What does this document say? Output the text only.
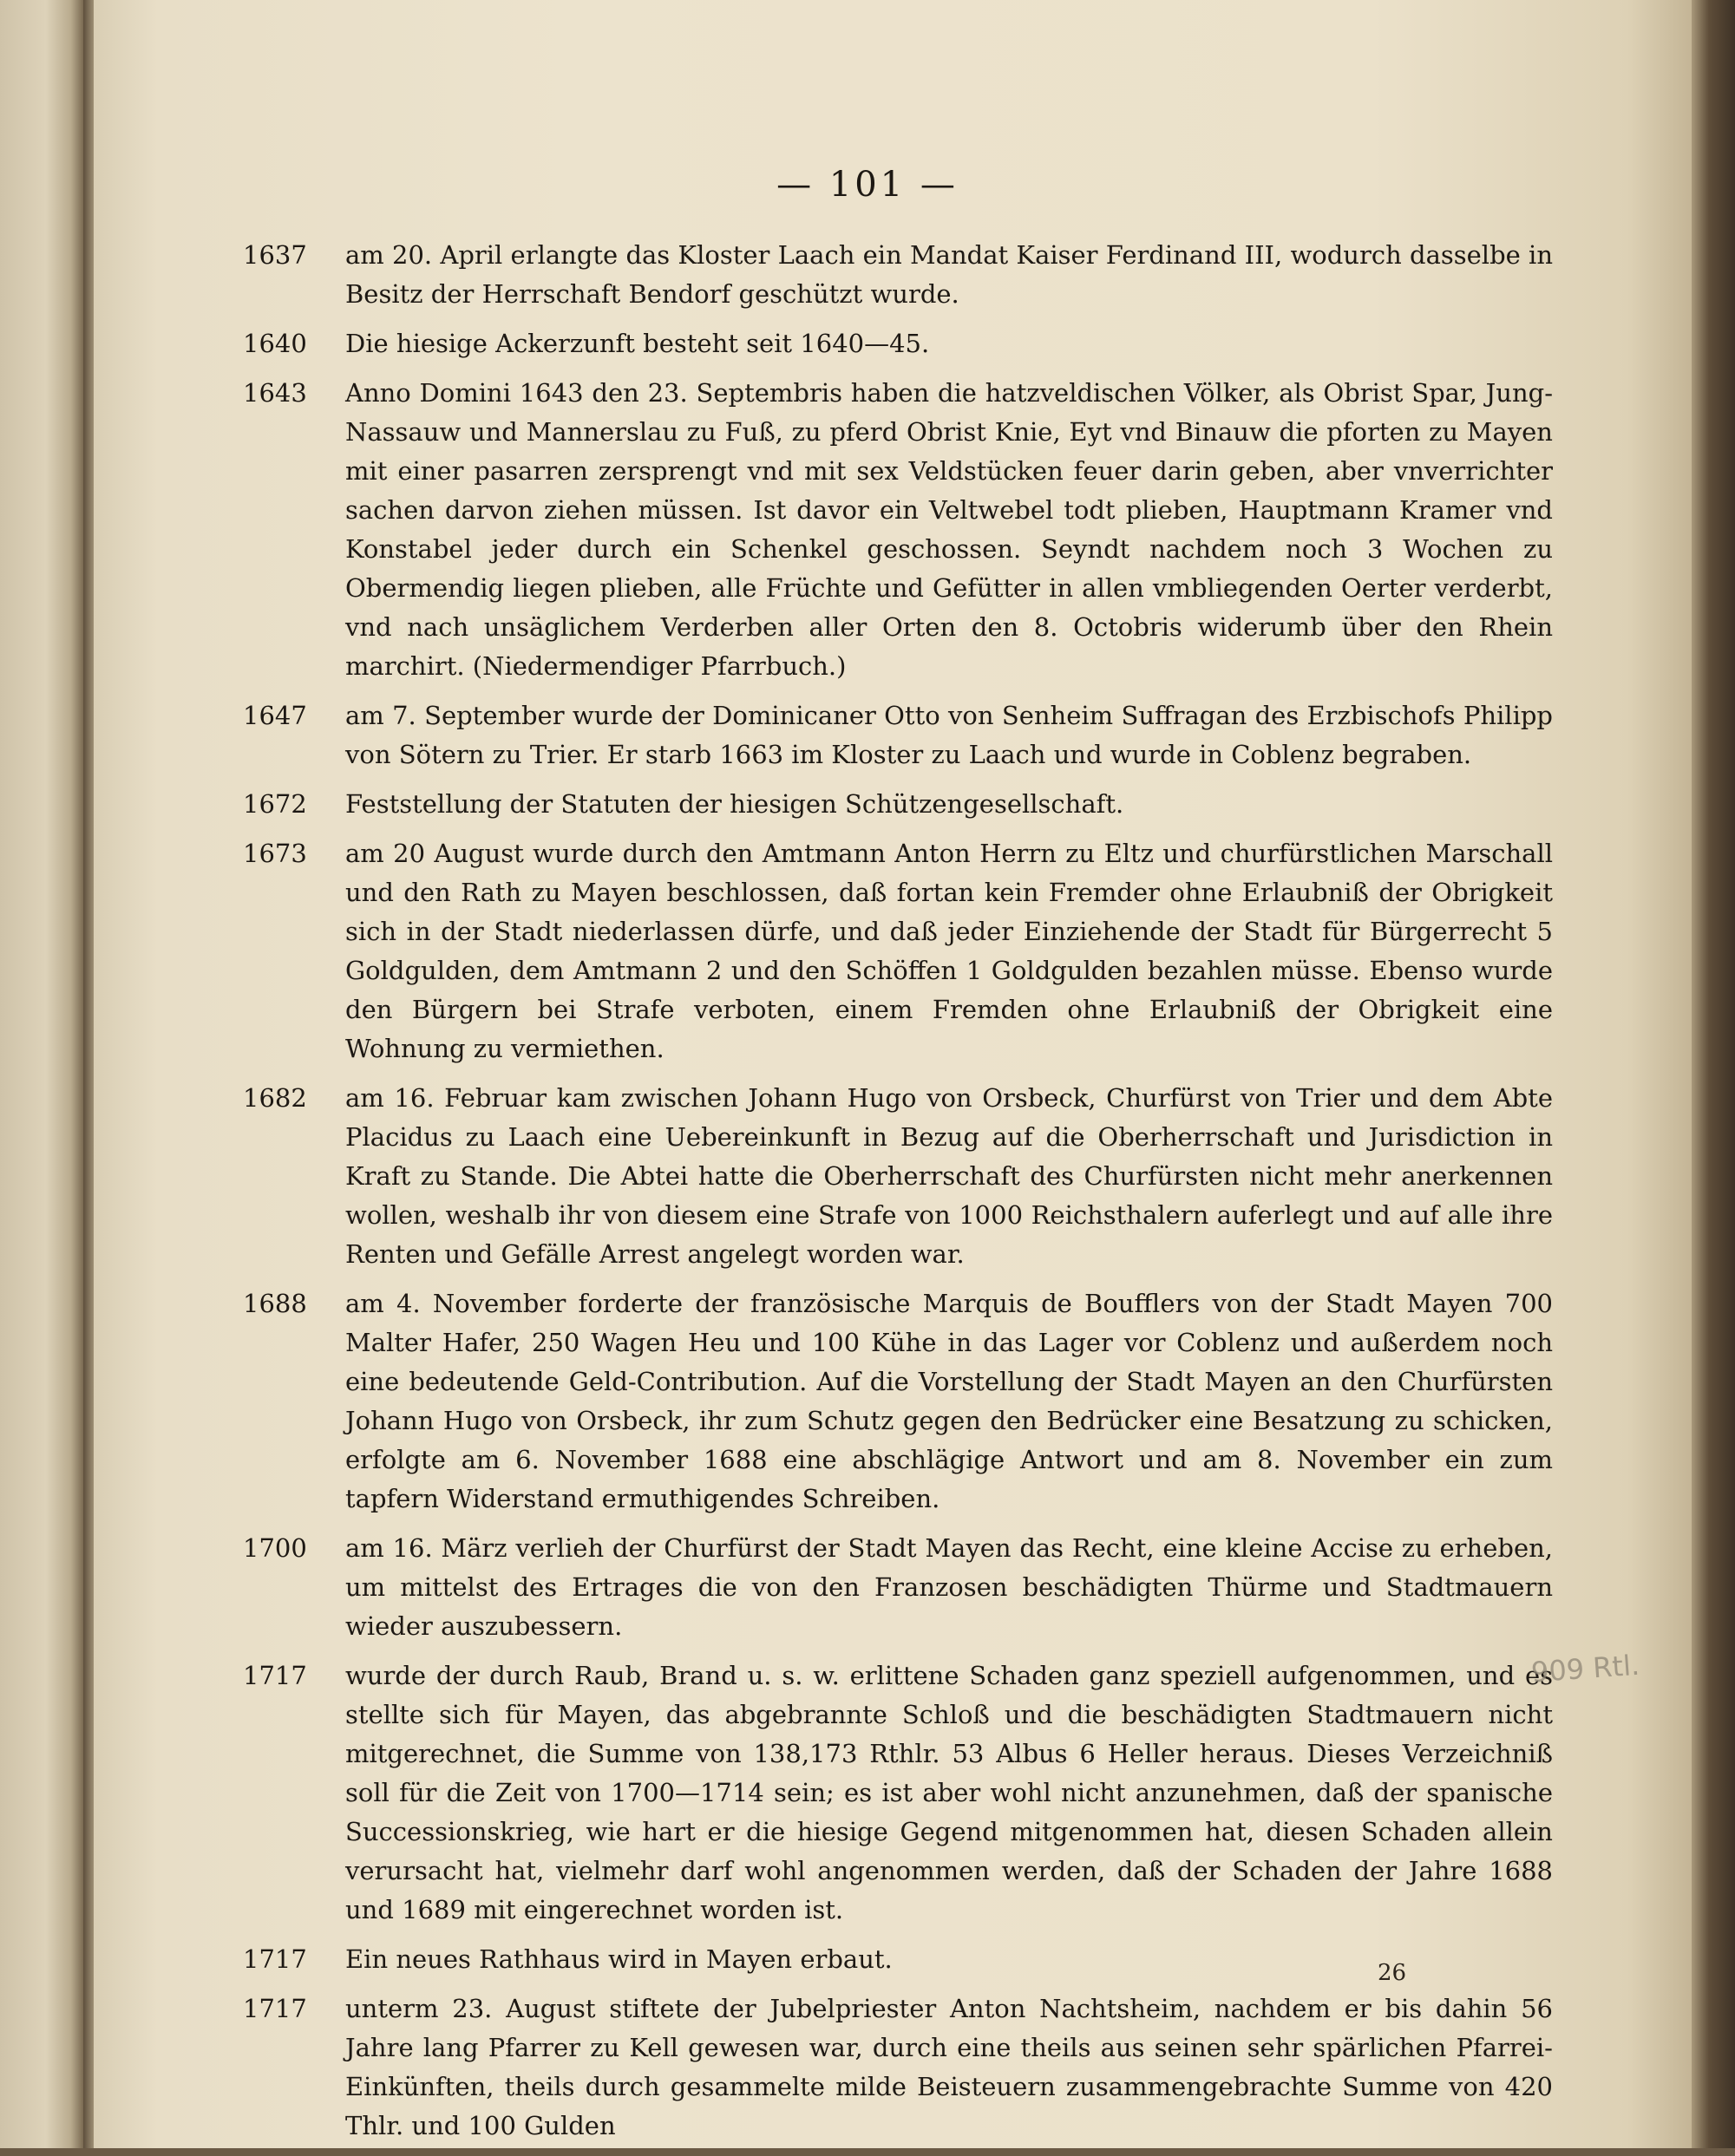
— 101 —
1637	am 20. April erlangte das Kloster Laach ein Mandat Kaiser Ferdinand III, wodurch dasselbe in Besitz der Herrschaft Bendorf geschützt wurde.
1640	Die hiesige Ackerzunft besteht seit 1640—45.
1643	Anno Domini 1643 den 23. Septembris haben die hatzveldischen Völker, als Obrist Spar, Jung-Nassauw und Mannerslau zu Fuß, zu pferd Obrist Knie, Eyt vnd Binauw die pforten zu Mayen mit einer pasarren zersprengt vnd mit sex Veldstücken feuer darin geben, aber vnverrichter sachen darvon ziehen müssen. Ist davor ein Veltwebel todt plieben, Hauptmann Kramer vnd Konstabel jeder durch ein Schenkel geschossen. Seyndt nachdem noch 3 Wochen zu Obermendig liegen plieben, alle Früchte und Gefütter in allen vmbliegenden Oerter verderbt, vnd nach unsäglichem Verderben aller Orten den 8. Octobris widerumb über den Rhein marchirt. (Niedermendiger Pfarrbuch.)
1647	am 7. September wurde der Dominicaner Otto von Senheim Suffragan des Erzbischofs Philipp von Sötern zu Trier. Er starb 1663 im Kloster zu Laach und wurde in Coblenz begraben.
1672	Feststellung der Statuten der hiesigen Schützengesellschaft.
1673	am 20 August wurde durch den Amtmann Anton Herrn zu Eltz und churfürstlichen Marschall und den Rath zu Mayen beschlossen, daß fortan kein Fremder ohne Erlaubniß der Obrigkeit sich in der Stadt niederlassen dürfe, und daß jeder Einziehende der Stadt für Bürgerrecht 5 Goldgulden, dem Amtmann 2 und den Schöffen 1 Goldgulden bezahlen müsse. Ebenso wurde den Bürgern bei Strafe verboten, einem Fremden ohne Erlaubniß der Obrigkeit eine Wohnung zu vermiethen.
1682	am 16. Februar kam zwischen Johann Hugo von Orsbeck, Churfürst von Trier und dem Abte Placidus zu Laach eine Uebereinkunft in Bezug auf die Oberherrschaft und Jurisdiction in Kraft zu Stande. Die Abtei hatte die Oberherrschaft des Churfürsten nicht mehr anerkennen wollen, weshalb ihr von diesem eine Strafe von 1000 Reichsthalern auferlegt und auf alle ihre Renten und Gefälle Arrest angelegt worden war.
1688	am 4. November forderte der französische Marquis de Boufflers von der Stadt Mayen 700 Malter Hafer, 250 Wagen Heu und 100 Kühe in das Lager vor Coblenz und außerdem noch eine bedeutende Geld-Contribution. Auf die Vorstellung der Stadt Mayen an den Churfürsten Johann Hugo von Orsbeck, ihr zum Schutz gegen den Bedrücker eine Besatzung zu schicken, erfolgte am 6. November 1688 eine abschlägige Antwort und am 8. November ein zum tapfern Widerstand ermuthigendes Schreiben.
1700	am 16. März verlieh der Churfürst der Stadt Mayen das Recht, eine kleine Accise zu erheben, um mittelst des Ertrages die von den Franzosen beschädigten Thürme und Stadtmauern wieder auszubessern.
1717	wurde der durch Raub, Brand u. s. w. erlittene Schaden ganz speziell aufgenommen, und es stellte sich für Mayen, das abgebrannte Schloß und die beschädigten Stadtmauern nicht mitgerechnet, die Summe von 138,173 Rthlr. 53 Albus 6 Heller heraus. Dieses Verzeichniß soll für die Zeit von 1700—1714 sein; es ist aber wohl nicht anzunehmen, daß der spanische Successionskrieg, wie hart er die hiesige Gegend mitgenommen hat, diesen Schaden allein verursacht hat, vielmehr darf wohl angenommen werden, daß der Schaden der Jahre 1688 und 1689 mit eingerechnet worden ist.
1717	Ein neues Rathhaus wird in Mayen erbaut.
1717	unterm 23. August stiftete der Jubelpriester Anton Nachtsheim, nachdem er bis dahin 56 Jahre lang Pfarrer zu Kell gewesen war, durch eine theils aus seinen sehr spärlichen Pfarrei-Einkünften, theils durch gesammelte milde Beisteuern zusammengebrachte Summe von 420 Thlr. und 100 Gulden
909 Rtl.
26
